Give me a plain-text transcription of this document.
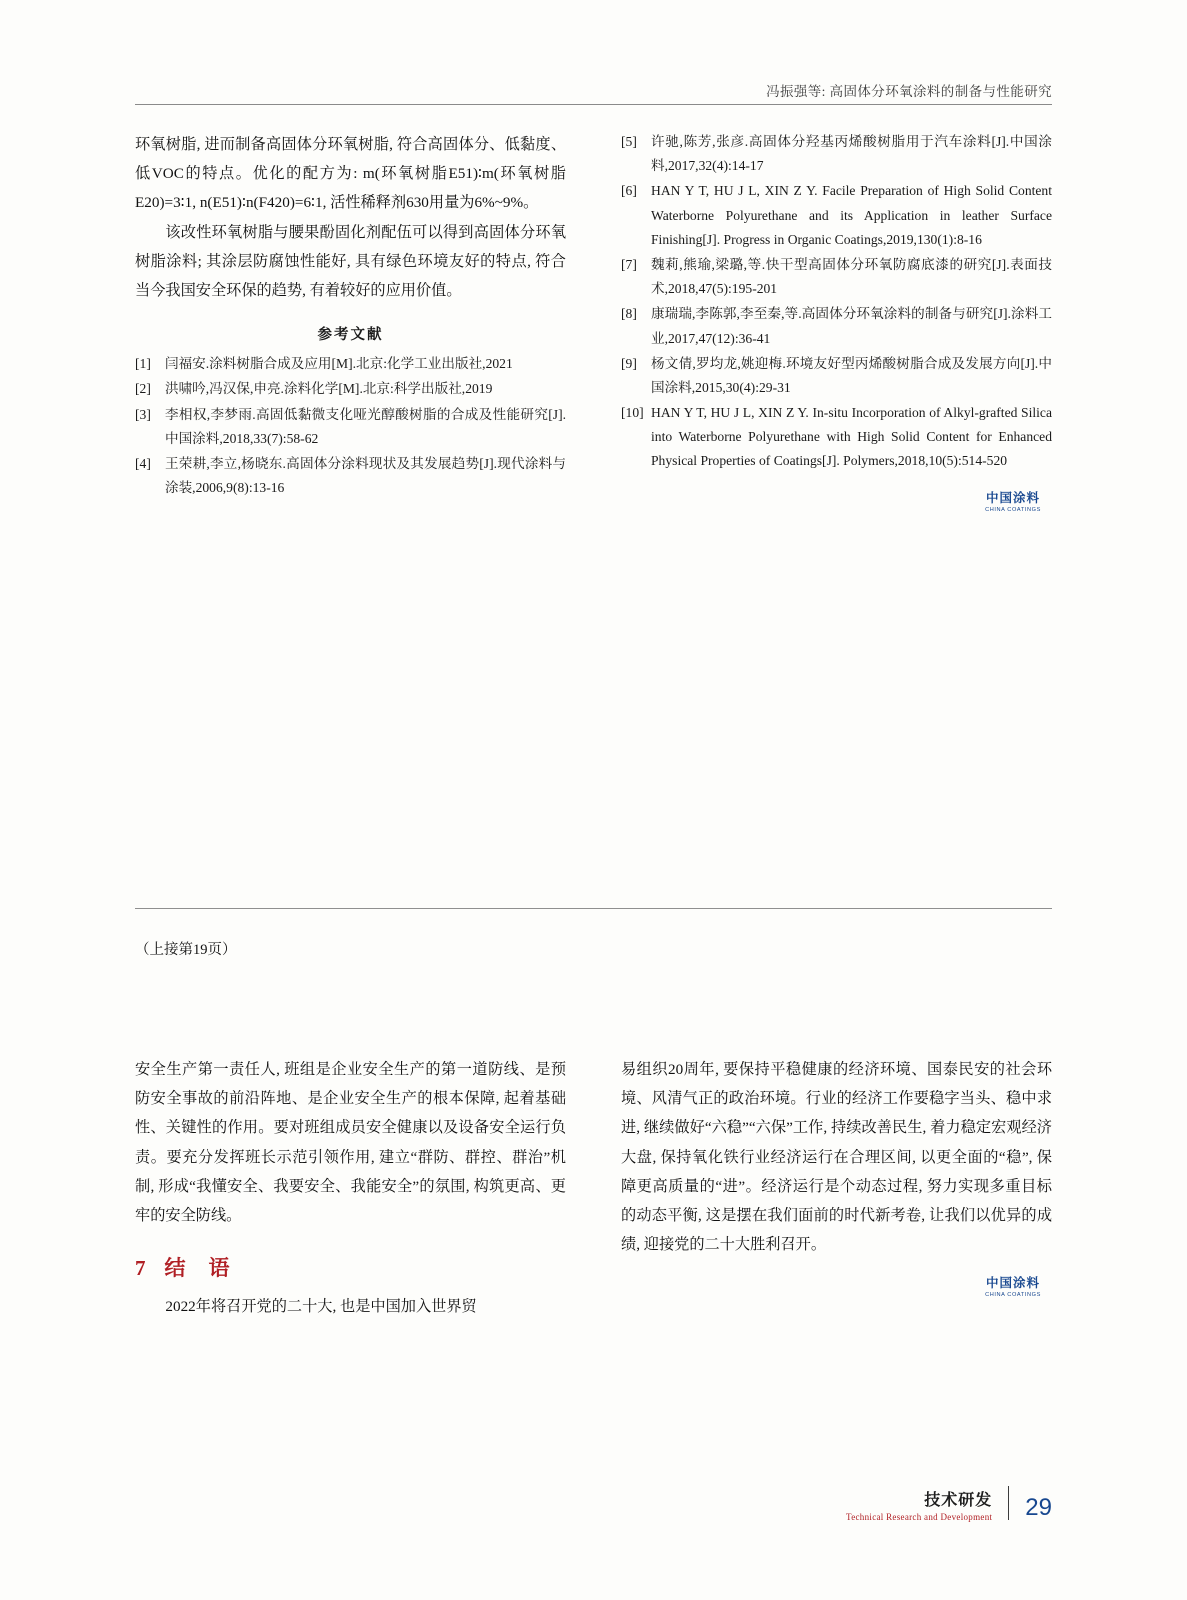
冯振强等: 高固体分环氧涂料的制备与性能研究

环氧树脂, 进而制备高固体分环氧树脂, 符合高固体分、低黏度、低VOC的特点。优化的配方为: m(环氧树脂E51)∶m(环氧树脂E20)=3∶1, n(E51)∶n(F420)=6∶1, 活性稀释剂630用量为6%~9%。

该改性环氧树脂与腰果酚固化剂配伍可以得到高固体分环氧树脂涂料; 其涂层防腐蚀性能好, 具有绿色环境友好的特点, 符合当今我国安全环保的趋势, 有着较好的应用价值。

参考文献
[1]	闫福安.涂料树脂合成及应用[M].北京:化学工业出版社,2021
[2]	洪啸吟,冯汉保,申亮.涂料化学[M].北京:科学出版社,2019
[3]	李相权,李梦雨.高固低黏微支化哑光醇酸树脂的合成及性能研究[J].中国涂料,2018,33(7):58-62
[4]	王荣耕,李立,杨晓东.高固体分涂料现状及其发展趋势[J].现代涂料与涂装,2006,9(8):13-16
[5]	许驰,陈芳,张彦.高固体分羟基丙烯酸树脂用于汽车涂料[J].中国涂料,2017,32(4):14-17
[6]	HAN Y T, HU J L, XIN Z Y. Facile Preparation of High Solid Content Waterborne Polyurethane and its Application in leather Surface Finishing[J]. Progress in Organic Coatings,2019,130(1):8-16
[7]	魏莉,熊瑜,梁璐,等.快干型高固体分环氧防腐底漆的研究[J].表面技术,2018,47(5):195-201
[8]	康瑞瑞,李陈郭,李至秦,等.高固体分环氧涂料的制备与研究[J].涂料工业,2017,47(12):36-41
[9]	杨文倩,罗均龙,姚迎梅.环境友好型丙烯酸树脂合成及发展方向[J].中国涂料,2015,30(4):29-31
[10] HAN Y T, HU J L, XIN Z Y. In-situ Incorporation of Alkyl-grafted Silica into Waterborne Polyurethane with High Solid Content for Enhanced Physical Properties of Coatings[J]. Polymers,2018,10(5):514-520
中国涂料
CHINA COATINGS
（上接第19页）

安全生产第一责任人, 班组是企业安全生产的第一道防线、是预防安全事故的前沿阵地、是企业安全生产的根本保障, 起着基础性、关键性的作用。要对班组成员安全健康以及设备安全运行负责。要充分发挥班长示范引领作用, 建立“群防、群控、群治”机制, 形成“我懂安全、我要安全、我能安全”的氛围, 构筑更高、更牢的安全防线。

7 结　语

2022年将召开党的二十大, 也是中国加入世界贸

易组织20周年, 要保持平稳健康的经济环境、国泰民安的社会环境、风清气正的政治环境。行业的经济工作要稳字当头、稳中求进, 继续做好“六稳”“六保”工作, 持续改善民生, 着力稳定宏观经济大盘, 保持氧化铁行业经济运行在合理区间, 以更全面的“稳”, 保障更高质量的“进”。经济运行是个动态过程, 努力实现多重目标的动态平衡, 这是摆在我们面前的时代新考卷, 让我们以优异的成绩, 迎接党的二十大胜利召开。

中国涂料
CHINA COATINGS
技术研发
Technical Research and Development 29
